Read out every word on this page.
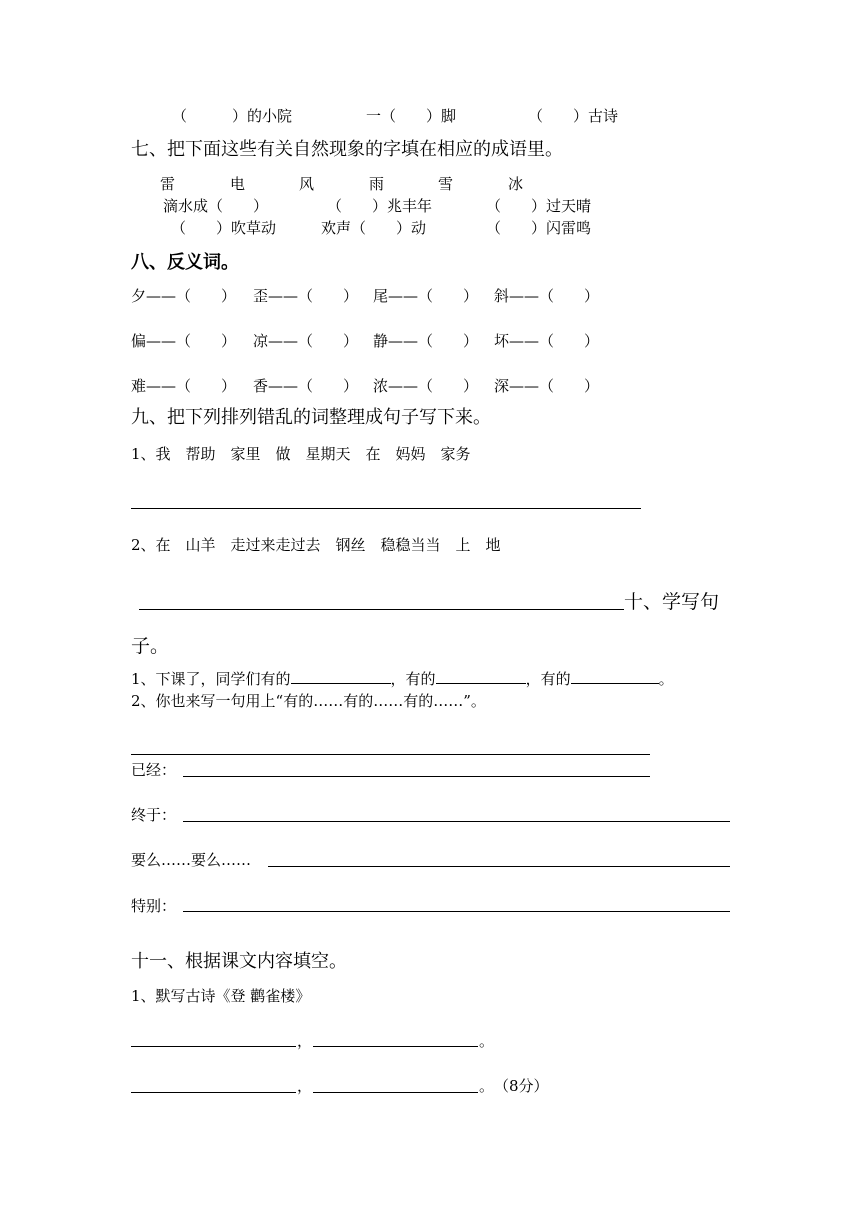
（　　　）的小院	一（　　）脚	（　　）古诗
七、把下面这些有关自然现象的字填在相应的成语里。
雷	电	风	雨	雪	冰
滴水成（　　）	（　　）兆丰年	（　　）过天晴
（　　）吹草动	欢声（　　）动	（　　）闪雷鸣
八、反义词。
夕——（　　） 歪——（　　） 尾——（　　） 斜——（　　）
偏——（　　） 凉——（　　） 静——（　　） 坏——（　　）
难——（　　） 香——（　　） 浓——（　　） 深——（　　）
九、把下列排列错乱的词整理成句子写下来。
1、我　帮助　家里　做　星期天　在　妈妈　家务
2、在　山羊　走过来走过去　钢丝　稳稳当当　上　地
十、学写句
子。
1、下课了，同学们有的	，有的	，有的	。
2、你也来写一句用上“有的……有的……有的……”。
已经：
终于：
要么……要么……
特别：
十一、根据课文内容填空。
1、默写古诗《登 鹳雀楼》
，	。
，	。 （8分）
